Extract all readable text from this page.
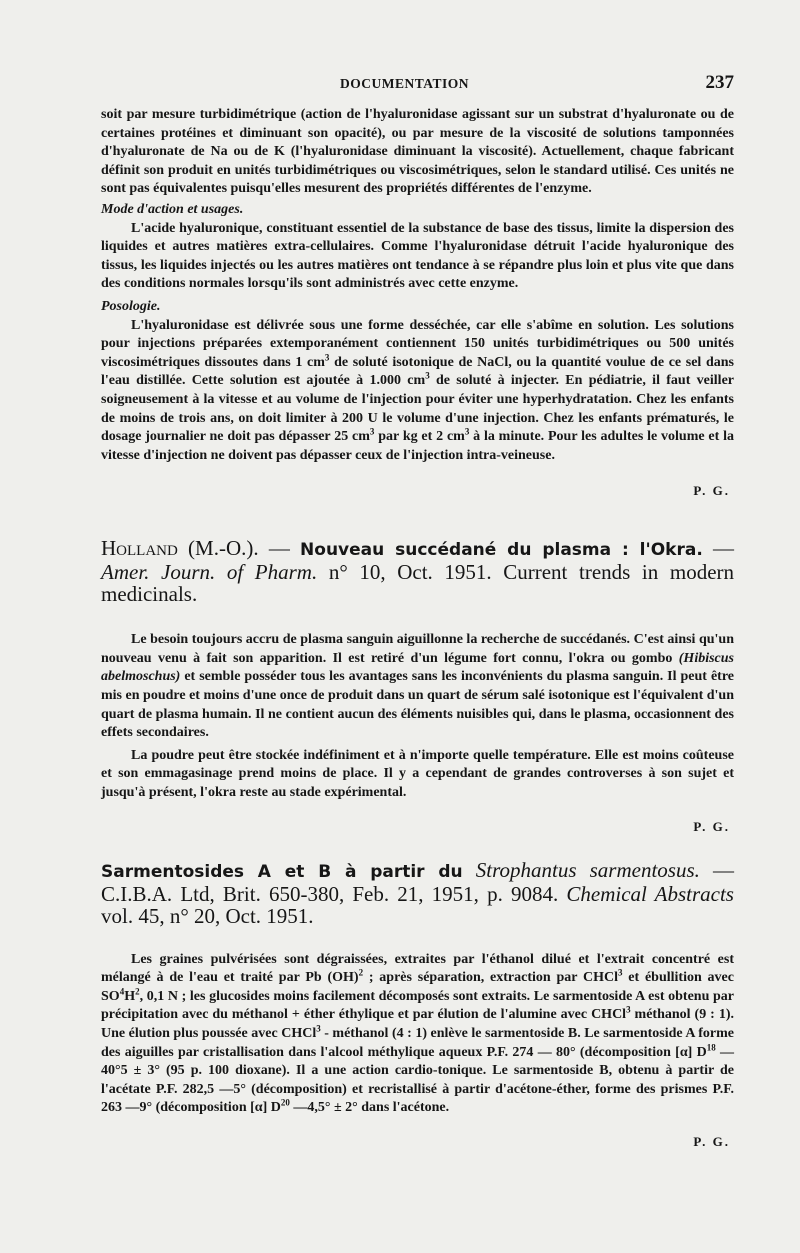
DOCUMENTATION	237

soit par mesure turbidimétrique (action de l'hyaluronidase agissant sur un substrat d'hyaluronate ou de certaines protéines et diminuant son opacité), ou par mesure de la viscosité de solutions tamponnées d'hyaluronate de Na ou de K (l'hyaluronidase diminuant la viscosité). Actuellement, chaque fabricant définit son produit en unités turbidimétriques ou viscosimétriques, selon le standard utilisé. Ces unités ne sont pas équivalentes puisqu'elles mesurent des propriétés différentes de l'enzyme.

Mode d'action et usages.

L'acide hyaluronique, constituant essentiel de la substance de base des tissus, limite la dispersion des liquides et autres matières extra-cellulaires. Comme l'hyaluronidase détruit l'acide hyaluronique des tissus, les liquides injectés ou les autres matières ont tendance à se répandre plus loin et plus vite que dans des conditions normales lorsqu'ils sont administrés avec cette enzyme.

Posologie.

L'hyaluronidase est délivrée sous une forme desséchée, car elle s'abîme en solution. Les solutions pour injections préparées extemporanément contiennent 150 unités turbidimétriques ou 500 unités viscosimétriques dissoutes dans 1 $cm^3$ de soluté isotonique de NaCl, ou la quantité voulue de ce sel dans l'eau distillée. Cette solution est ajoutée à 1.000 $cm^3$ de soluté à injecter. En pédiatrie, il faut veiller soigneusement à la vitesse et au volume de l'injection pour éviter une hyperhydratation. Chez les enfants de moins de trois ans, on doit limiter à 200 U le volume d'une injection. Chez les enfants prématurés, le dosage journalier ne doit pas dépasser 25 $cm^3$ par kg et 2 $cm^3$ à la minute. Pour les adultes le volume et la vitesse d'injection ne doivent pas dépasser ceux de l'injection intra-veineuse.

P. G.
Holland (M.-O.). — Nouveau succédané du plasma : l'Okra. — Amer. Journ. of Pharm. n° 10, Oct. 1951. Current trends in modern medicinals.

Le besoin toujours accru de plasma sanguin aiguillonne la recherche de succédanés. C'est ainsi qu'un nouveau venu à fait son apparition. Il est retiré d'un légume fort connu, l'okra ou gombo (Hibiscus abelmoschus) et semble posséder tous les avantages sans les inconvénients du plasma sanguin. Il peut être mis en poudre et moins d'une once de produit dans un quart de sérum salé isotonique est l'équivalent d'un quart de plasma humain. Il ne contient aucun des éléments nuisibles qui, dans le plasma, occasionnent des effets secondaires.

La poudre peut être stockée indéfiniment et à n'importe quelle température. Elle est moins coûteuse et son emmagasinage prend moins de place. Il y a cependant de grandes controverses à son sujet et jusqu'à présent, l'okra reste au stade expérimental.

P. G.
Sarmentosides A et B à partir du Strophantus sarmentosus. — C.I.B.A. Ltd, Brit. 650-380, Feb. 21, 1951, p. 9084. Chemical Abstracts vol. 45, n° 20, Oct. 1951.

Les graines pulvérisées sont dégraissées, extraites par l'éthanol dilué et l'extrait concentré est mélangé à de l'eau et traité par Pb (OH)$^2$ ; après séparation, extraction par CHCl$^3$ et ébullition avec $SO^4H^2$, 0,1 N ; les glucosides moins facilement décomposés sont extraits. Le sarmentoside A est obtenu par précipitation avec du méthanol + éther éthylique et par élution de l'alumine avec CHCl$^3$ méthanol (9 : 1). Une élution plus poussée avec CHCl$^3$ - méthanol (4 : 1) enlève le sarmentoside B. Le sarmentoside A forme des aiguilles par cristallisation dans l'alcool méthylique aqueux P.F. 274 — 80° (décomposition [α] $D^{18}$ — 40°5 ± 3° (95 p. 100 dioxane). Il a une action cardio-tonique. Le sarmentoside B, obtenu à partir de l'acétate P.F. 282,5 —5° (décomposition) et recristallisé à partir d'acétone-éther, forme des prismes P.F. 263 —9° (décomposition [α] $D^{20}$ —4,5° ± 2° dans l'acétone.

P. G.
